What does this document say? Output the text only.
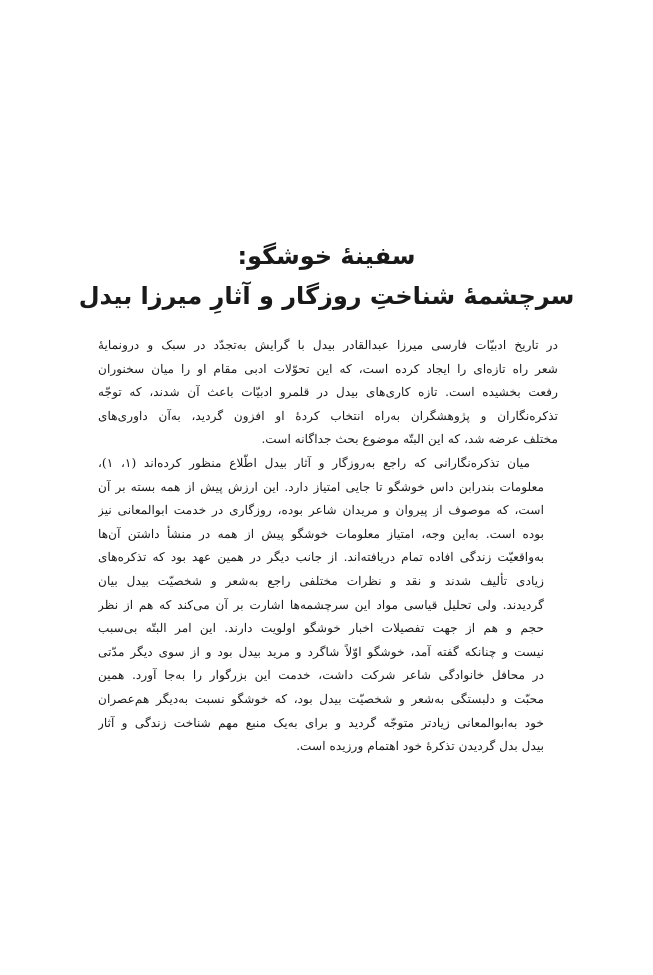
سفینهٔ خوشگو:
سرچشمهٔ شناختِ روزگار و آثارِ میرزا بیدل
در تاریخ ادبیّات فارسی میرزا عبدالقادر بیدل با گرایش به‌تجدّد در سبک و درونمایهٔ
شعر راه تازه‌ای را ایجاد کرده است، که این تحوّلات ادبی مقام او را میان سخنوران
رفعت بخشیده است. تازه کاری‌های بیدل در قلمرو ادبیّات باعث آن شدند، که توجّه
تذکره‌نگاران و پژوهشگران به‌راه انتخاب کردهٔ او افزون گردید، به‌آن داوری‌های
مختلف عرضه شد، که این البتّه موضوع بحث جداگانه است.
میان تذکره‌نگارانی که راجع به‌روزگار و آثار بیدل اطّلاع منظور کرده‌اند (۱، ۱)،
معلومات بندرابن داس خوشگو تا جایی امتیاز دارد. این ارزش پیش از همه بسته بر آن
است، که موصوف از پیروان و مریدان شاعر بوده، روزگاری در خدمت ابوالمعانی نیز
بوده است. به‌این وجه، امتیاز معلومات خوشگو پیش از همه در منشأ داشتن آن‌ها
به‌واقعیّت زندگی افاده تمام دریافته‌اند. از جانب دیگر در همین عهد بود که تذکره‌های
زیادی تألیف شدند و نقد و نظرات مختلفی راجع به‌شعر و شخصیّت بیدل بیان
گردیدند. ولی تحلیل قیاسی مواد این سرچشمه‌ها اشارت بر آن می‌کند که هم از نظر
حجم و هم از جهت تفصیلات اخبار خوشگو اولویت دارند. این امر البتّه بی‌سبب
نیست و چنانکه گفته آمد، خوشگو اوّلاً شاگرد و مرید بیدل بود و از سوی دیگر مدّتی
در محافل خانوادگی شاعر شرکت داشت، خدمت این بزرگوار را به‌جا آورد. همین
محبّت و دلبستگی به‌شعر و شخصیّت بیدل بود، که خوشگو نسبت به‌دیگر هم‌عصران
خود به‌ابوالمعانی زیادتر متوجّه گردید و برای به‌یک منبع مهم شناخت زندگی و آثار
بیدل بدل گردیدن تذکرهٔ خود اهتمام ورزیده است.
